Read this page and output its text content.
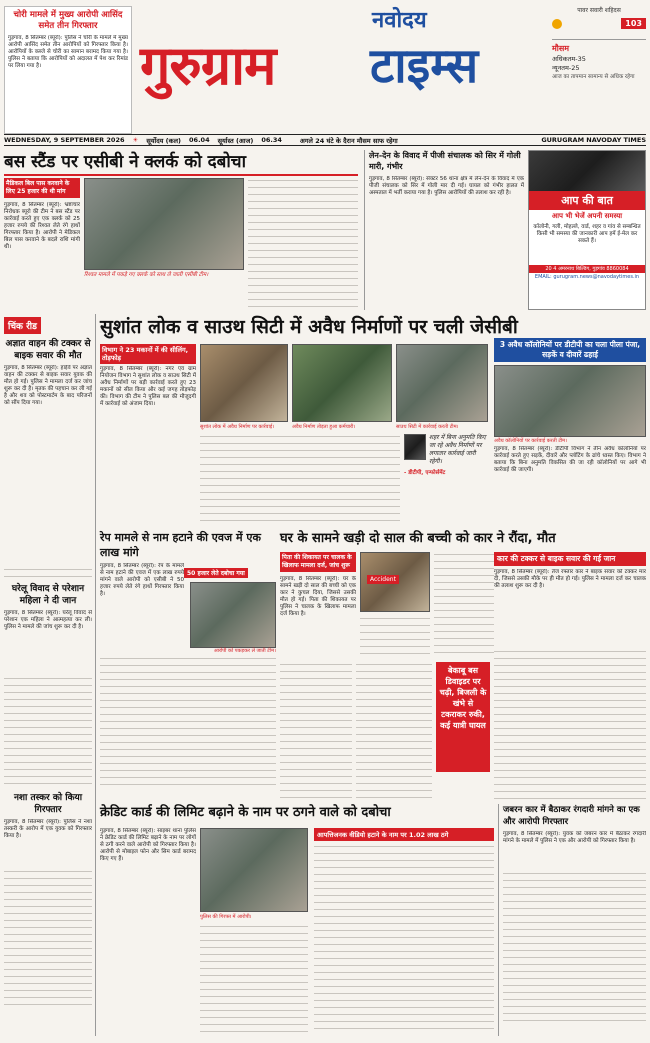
चोरी मामले में मुख्य आरोपी आसिंद समेत तीन गिरफ्तार
गुड़गांव, 8 सितम्बर (ब्यूरो): पुलिस ने चोरी के मामले में मुख्य आरोपी आसिंद समेत तीन आरोपियों को गिरफ्तार किया है। आरोपियों के कब्जे से चोरी का सामान बरामद किया गया है। पुलिस ने बताया कि आरोपियों को अदालत में पेश कर रिमांड पर लिया गया है।
नवोदय
गुरुग्राम टाइम्स
पावर सवारी शहिदस
103
मौसम
अधिकतम-35
न्यूनतम-25
आज का तापमान सामान्य से अधिक रहेगा
WEDNESDAY, 9 SEPTEMBER 2026 ☀ सूर्योदय (कल) 06.04 सूर्यास्त (आज) 06.34	अगले 24 घंटे के दैरान मौसम साफ रहेगा	GURUGRAM NAVODAY TIMES
बस स्टैंड पर एसीबी ने क्लर्क को दबोचा
मैडिकल बिल पास करवाने के लिए 25 हजार की थी मांग
गुड़गांव, 8 सितम्बर (ब्यूरो): भ्रष्टाचार निरोधक ब्यूरो की टीम ने बस स्टैंड पर कार्रवाई करते हुए एक क्लर्क को 25 हजार रुपये की रिश्वत लेते रंगे हाथों गिरफ्तार किया है। आरोपी ने मेडिकल बिल पास करवाने के बदले राशि मांगी थी।
रिश्वत मामले में पकड़े गए क्लर्क को साथ ले जाती एसीबी टीम।
लेन-देन के विवाद में पीजी संचालक को सिर में गोली मारी, गंभीर
गुड़गांव, 8 सितम्बर (ब्यूरो): सेक्टर 56 थाना क्षेत्र में लेन-देन के विवाद में एक पीजी संचालक को सिर में गोली मार दी गई। घायल को गंभीर हालत में अस्पताल में भर्ती कराया गया है। पुलिस आरोपियों की तलाश कर रही है।
आप की बात
आप भी भेजें अपनी समस्या
कॉलोनी, गली, मोहल्ले, वार्ड, शहर व गांव से सम्बन्धित किसी भी समस्या की जानकारी आप हमें ई-मेल कर सकते हैं।
20 4 अमरनाथ बिल्डिंग, गुड़गांव 8860084
EMAIL: gurugram.news@navodaytimes.in
चिंक रीड
अज्ञात वाहन की टक्कर से बाइक सवार की मौत
गुड़गांव, 8 सितम्बर (ब्यूरो): हाईवे पर अज्ञात वाहन की टक्कर से बाइक सवार युवक की मौत हो गई। पुलिस ने मामला दर्ज कर जांच शुरू कर दी है। मृतक की पहचान कर ली गई है और शव को पोस्टमार्टम के बाद परिजनों को सौंप दिया गया।
घरेलू विवाद से परेशान महिला ने दी जान
गुड़गांव, 8 सितम्बर (ब्यूरो): घरेलू विवाद से परेशान एक महिला ने आत्महत्या कर ली। पुलिस ने मामले की जांच शुरू कर दी है।
नशा तस्कर को किया गिरफ्तार
गुड़गांव, 8 सितम्बर (ब्यूरो): पुलिस ने नशा तस्करी के आरोप में एक युवक को गिरफ्तार किया है।
सुशांत लोक व साउथ सिटी में अवैध निर्माणों पर चली जेसीबी
विभाग ने 23 मकानों में की सीलिंग, तोड़फोड़
गुड़गांव, 8 सितम्बर (ब्यूरो): नगर एवं ग्राम नियोजन विभाग ने सुशांत लोक व साउथ सिटी में अवैध निर्माणों पर बड़ी कार्रवाई करते हुए 23 मकानों को सील किया और कई जगह तोड़फोड़ की। विभाग की टीम ने पुलिस बल की मौजूदगी में कार्रवाई को अंजाम दिया।
सुशांत लोक में अवैध निर्माण पर कार्रवाई।	अवैध निर्माण तोड़ता हुआ कर्मचारी।	साउथ सिटी में कार्रवाई करती टीम।
शहर में बिना अनुमति किए जा रहे अवैध निर्माणों पर लगातार कार्रवाई जारी रहेगी।
- डीटीपी, एन्फोर्समेंट
3 अवैध कॉलोनियों पर डीटीपी का चला पीला पंजा, सड़कें व दीवारें ढहाई
अवैध कॉलोनियों पर कार्रवाई करती टीम।
गुड़गांव, 8 सितम्बर (ब्यूरो): डीटीपी विभाग ने तीन अवैध कॉलोनियों पर कार्रवाई करते हुए सड़कें, दीवारें और प्लॉटिंग के ढांचे ध्वस्त किए। विभाग ने बताया कि बिना अनुमति विकसित की जा रही कॉलोनियों पर आगे भी कार्रवाई की जाएगी।
रेप मामले से नाम हटाने की एवज में एक लाख मांगे
50 हजार लेते दबोचा गया
गुड़गांव, 8 सितम्बर (ब्यूरो): रेप के मामले से नाम हटाने की एवज में एक लाख रुपये मांगने वाले आरोपी को एसीबी ने 50 हजार रुपये लेते रंगे हाथों गिरफ्तार किया है।
आरोपी को पकड़कर ले जाती टीम।
घर के सामने खड़ी दो साल की बच्ची को कार ने रौंदा, मौत
पिता की शिकायत पर चालक के खिलाफ मामला दर्ज, जांच शुरू
गुड़गांव, 8 सितम्बर (ब्यूरो): घर के सामने खड़ी दो साल की बच्ची को एक कार ने कुचल दिया, जिससे उसकी मौत हो गई। पिता की शिकायत पर पुलिस ने चालक के खिलाफ मामला दर्ज किया है।
Accident
कार की टक्कर से बाइक सवार की गई जान
गुड़गांव, 8 सितम्बर (ब्यूरो): तेज रफ्तार कार ने बाइक सवार को टक्कर मार दी, जिससे उसकी मौके पर ही मौत हो गई। पुलिस ने मामला दर्ज कर चालक की तलाश शुरू कर दी है।
बेकाबू बस डिवाइडर पर चढ़ी, बिजली के खंभे से टकराकर रुकी, कई यात्री घायल
क्रेडिट कार्ड की लिमिट बढ़ाने के नाम पर ठगने वाले को दबोचा
आपत्तिजनक वीडियो हटाने के नाम पर 1.02 लाख ठगे
गुड़गांव, 8 सितम्बर (ब्यूरो): साइबर थाना पुलिस ने क्रेडिट कार्ड की लिमिट बढ़ाने के नाम पर लोगों से ठगी करने वाले आरोपी को गिरफ्तार किया है। आरोपी से मोबाइल फोन और सिम कार्ड बरामद किए गए हैं।
पुलिस की गिरफ्त में आरोपी।
जबरन कार में बैठाकर रंगदारी मांगने का एक और आरोपी गिरफ्तार
गुड़गांव, 8 सितम्बर (ब्यूरो): युवक को जबरन कार में बैठाकर रंगदारी मांगने के मामले में पुलिस ने एक और आरोपी को गिरफ्तार किया है।
